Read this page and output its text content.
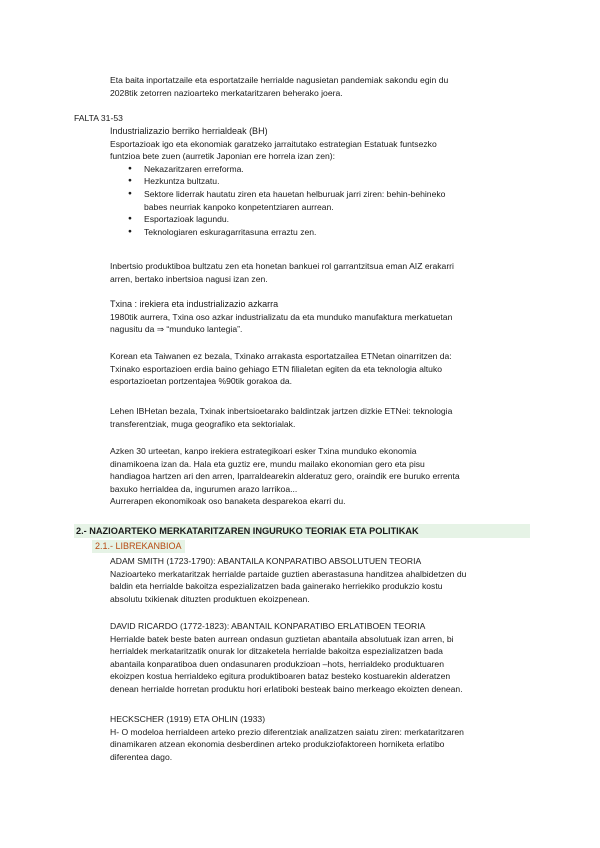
Eta baita inportatzaile eta esportatzaile herrialde nagusietan pandemiak sakondu egin du

2028tik zetorren nazioarteko merkataritzaren beherako joera.

FALTA 31-53

Industrializazio berriko herrialdeak (BH)

Esportazioak igo eta ekonomiak garatzeko jarraitutako estrategian Estatuak funtsezko

funtzioa bete zuen (aurretik Japonian ere horrela izan zen):

● Nekazaritzaren erreforma.
● Hezkuntza bultzatu.
● Sektore liderrak hautatu ziren eta hauetan helburuak jarri ziren: behin-behineko
babes neurriak kanpoko konpetentziaren aurrean.
● Esportazioak lagundu.
● Teknologiaren eskuragarritasuna erraztu zen.

Inbertsio produktiboa bultzatu zen eta honetan bankuei rol garrantzitsua eman AIZ erakarri

arren, bertako inbertsioa nagusi izan zen.

Txina : irekiera eta industrializazio azkarra

1980tik aurrera, Txina oso azkar industrializatu da eta munduko manufaktura merkatuetan

nagusitu da ⇒ “munduko lantegia”.

Korean eta Taiwanen ez bezala, Txinako arrakasta esportatzailea ETNetan oinarritzen da:

Txinako esportazioen erdia baino gehiago ETN filialetan egiten da eta teknologia altuko

esportazioetan portzentajea %90tik gorakoa da.

Lehen IBHetan bezala, Txinak inbertsioetarako baldintzak jartzen dizkie ETNei: teknologia

transferentziak, muga geografiko eta sektorialak.

Azken 30 urteetan, kanpo irekiera estrategikoari esker Txina munduko ekonomia

dinamikoena izan da. Hala eta guztiz ere, mundu mailako ekonomian gero eta pisu

handiagoa hartzen ari den arren, Iparraldearekin alderatuz gero, oraindik ere buruko errenta

baxuko herrialdea da, ingurumen arazo larrikoa...

Aurrerapen ekonomikoak oso banaketa desparekoa ekarri du.

2.- NAZIOARTEKO MERKATARITZAREN INGURUKO TEORIAK ETA POLITIKAK
2.1.- LIBREKANBIOA

ADAM SMITH (1723-1790): ABANTAILA KONPARATIBO ABSOLUTUEN TEORIA

Nazioarteko merkataritzak herrialde partaide guztien aberastasuna handitzea ahalbidetzen du

baldin eta herrialde bakoitza espezializatzen bada gainerako herriekiko produkzio kostu

absolutu txikienak dituzten produktuen ekoizpenean.

DAVID RICARDO (1772-1823): ABANTAIL KONPARATIBO ERLATIBOEN TEORIA

Herrialde batek beste baten aurrean ondasun guztietan abantaila absolutuak izan arren, bi

herrialdek merkataritzatik onurak lor ditzaketela herrialde bakoitza espezializatzen bada

abantaila konparatiboa duen ondasunaren produkzioan –hots, herrialdeko produktuaren

ekoizpen kostua herrialdeko egitura produktiboaren bataz besteko kostuarekin alderatzen

denean herrialde horretan produktu hori erlatiboki besteak baino merkeago ekoizten denean.

HECKSCHER (1919) ETA OHLIN (1933)

H- O modeloa herrialdeen arteko prezio diferentziak analizatzen saiatu ziren: merkataritzaren

dinamikaren atzean ekonomia desberdinen arteko produkziofaktoreen horniketa erlatibo

diferentea dago.
